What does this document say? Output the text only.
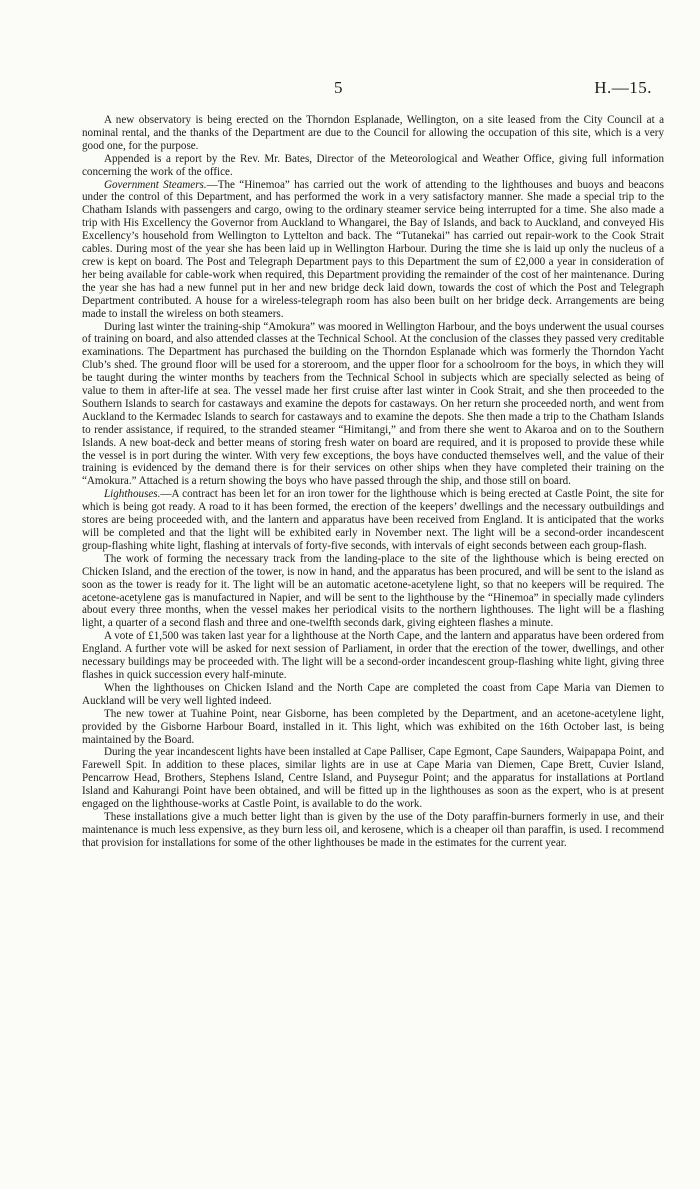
5	H.—15.

A new observatory is being erected on the Thorndon Esplanade, Wellington, on a site leased from the City Council at a nominal rental, and the thanks of the Department are due to the Council for allowing the occupation of this site, which is a very good one, for the purpose.

Appended is a report by the Rev. Mr. Bates, Director of the Meteorological and Weather Office, giving full information concerning the work of the office.

Government Steamers.—The “Hinemoa” has carried out the work of attending to the lighthouses and buoys and beacons under the control of this Department, and has performed the work in a very satisfactory manner. She made a special trip to the Chatham Islands with passengers and cargo, owing to the ordinary steamer service being interrupted for a time. She also made a trip with His Excellency the Governor from Auckland to Whangarei, the Bay of Islands, and back to Auckland, and conveyed His Excellency’s household from Wellington to Lyttelton and back. The “Tutanekai” has carried out repair-work to the Cook Strait cables. During most of the year she has been laid up in Wellington Harbour. During the time she is laid up only the nucleus of a crew is kept on board. The Post and Telegraph Department pays to this Department the sum of £2,000 a year in consideration of her being available for cable-work when required, this Department providing the remainder of the cost of her maintenance. During the year she has had a new funnel put in her and new bridge deck laid down, towards the cost of which the Post and Telegraph Department contributed. A house for a wireless-telegraph room has also been built on her bridge deck. Arrangements are being made to install the wireless on both steamers.

During last winter the training-ship “Amokura” was moored in Wellington Harbour, and the boys underwent the usual courses of training on board, and also attended classes at the Technical School. At the conclusion of the classes they passed very creditable examinations. The Department has purchased the building on the Thorndon Esplanade which was formerly the Thorndon Yacht Club’s shed. The ground floor will be used for a storeroom, and the upper floor for a schoolroom for the boys, in which they will be taught during the winter months by teachers from the Technical School in subjects which are specially selected as being of value to them in after-life at sea. The vessel made her first cruise after last winter in Cook Strait, and she then proceeded to the Southern Islands to search for castaways and examine the depots for castaways. On her return she proceeded north, and went from Auckland to the Kermadec Islands to search for castaways and to examine the depots. She then made a trip to the Chatham Islands to render assistance, if required, to the stranded steamer “Himitangi,” and from there she went to Akaroa and on to the Southern Islands. A new boat-deck and better means of storing fresh water on board are required, and it is proposed to provide these while the vessel is in port during the winter. With very few exceptions, the boys have conducted themselves well, and the value of their training is evidenced by the demand there is for their services on other ships when they have completed their training on the “Amokura.” Attached is a return showing the boys who have passed through the ship, and those still on board.

Lighthouses.—A contract has been let for an iron tower for the lighthouse which is being erected at Castle Point, the site for which is being got ready. A road to it has been formed, the erection of the keepers’ dwellings and the necessary outbuildings and stores are being proceeded with, and the lantern and apparatus have been received from England. It is anticipated that the works will be completed and that the light will be exhibited early in November next. The light will be a second-order incandescent group-flashing white light, flashing at intervals of forty-five seconds, with intervals of eight seconds between each group-flash.

The work of forming the necessary track from the landing-place to the site of the lighthouse which is being erected on Chicken Island, and the erection of the tower, is now in hand, and the apparatus has been procured, and will be sent to the island as soon as the tower is ready for it. The light will be an automatic acetone-acetylene light, so that no keepers will be required. The acetone-acetylene gas is manufactured in Napier, and will be sent to the lighthouse by the “Hinemoa” in specially made cylinders about every three months, when the vessel makes her periodical visits to the northern lighthouses. The light will be a flashing light, a quarter of a second flash and three and one-twelfth seconds dark, giving eighteen flashes a minute.

A vote of £1,500 was taken last year for a lighthouse at the North Cape, and the lantern and apparatus have been ordered from England. A further vote will be asked for next session of Parliament, in order that the erection of the tower, dwellings, and other necessary buildings may be proceeded with. The light will be a second-order incandescent group-flashing white light, giving three flashes in quick succession every half-minute.

When the lighthouses on Chicken Island and the North Cape are completed the coast from Cape Maria van Diemen to Auckland will be very well lighted indeed.

The new tower at Tuahine Point, near Gisborne, has been completed by the Department, and an acetone-acetylene light, provided by the Gisborne Harbour Board, installed in it. This light, which was exhibited on the 16th October last, is being maintained by the Board.

During the year incandescent lights have been installed at Cape Palliser, Cape Egmont, Cape Saunders, Waipapapa Point, and Farewell Spit. In addition to these places, similar lights are in use at Cape Maria van Diemen, Cape Brett, Cuvier Island, Pencarrow Head, Brothers, Stephens Island, Centre Island, and Puysegur Point; and the apparatus for installations at Portland Island and Kahurangi Point have been obtained, and will be fitted up in the lighthouses as soon as the expert, who is at present engaged on the lighthouse-works at Castle Point, is available to do the work.

These installations give a much better light than is given by the use of the Doty paraffin-burners formerly in use, and their maintenance is much less expensive, as they burn less oil, and kerosene, which is a cheaper oil than paraffin, is used. I recommend that provision for installations for some of the other lighthouses be made in the estimates for the current year.
